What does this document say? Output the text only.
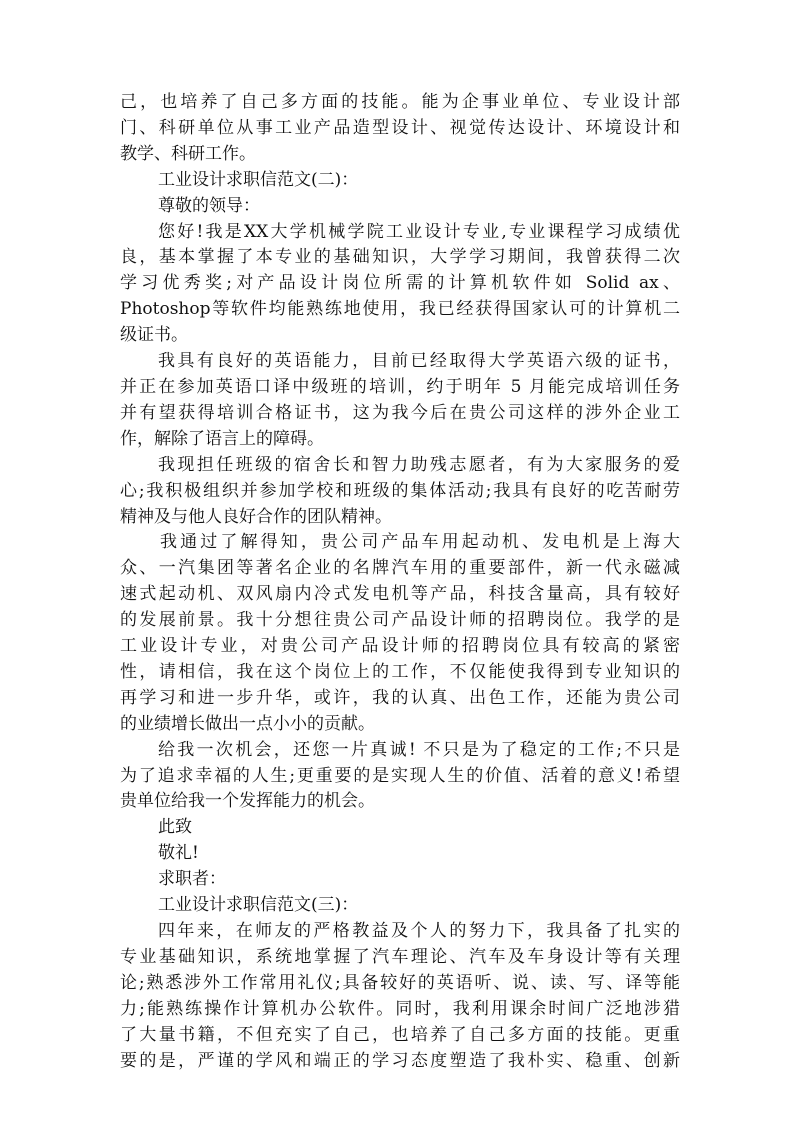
己，也培养了自己多方面的技能。能为企事业单位、专业设计部
门、科研单位从事工业产品造型设计、视觉传达设计、环境设计和
教学、科研工作。
工业设计求职信范文(二)：
尊敬的领导：
您好!我是XX大学机械学院工业设计专业,专业课程学习成绩优
良，基本掌握了本专业的基础知识，大学学习期间，我曾获得二次
学习优秀奖;对产品设计岗位所需的计算机软件如 Solid ax、
Photoshop等软件均能熟练地使用，我已经获得国家认可的计算机二
级证书。
我具有良好的英语能力，目前已经取得大学英语六级的证书，
并正在参加英语口译中级班的培训，约于明年 5 月能完成培训任务
并有望获得培训合格证书，这为我今后在贵公司这样的涉外企业工
作，解除了语言上的障碍。
我现担任班级的宿舍长和智力助残志愿者，有为大家服务的爱
心;我积极组织并参加学校和班级的集体活动;我具有良好的吃苦耐劳
精神及与他人良好合作的团队精神。
我通过了解得知，贵公司产品车用起动机、发电机是上海大
众、一汽集团等著名企业的名牌汽车用的重要部件，新一代永磁减
速式起动机、双风扇内冷式发电机等产品，科技含量高，具有较好
的发展前景。我十分想往贵公司产品设计师的招聘岗位。我学的是
工业设计专业，对贵公司产品设计师的招聘岗位具有较高的紧密
性，请相信，我在这个岗位上的工作，不仅能使我得到专业知识的
再学习和进一步升华，或许，我的认真、出色工作，还能为贵公司
的业绩增长做出一点小小的贡献。
给我一次机会，还您一片真诚! 不只是为了稳定的工作;不只是
为了追求幸福的人生;更重要的是实现人生的价值、活着的意义!希望
贵单位给我一个发挥能力的机会。
此致
敬礼!
求职者：
工业设计求职信范文(三)：
四年来，在师友的严格教益及个人的努力下，我具备了扎实的
专业基础知识，系统地掌握了汽车理论、汽车及车身设计等有关理
论;熟悉涉外工作常用礼仪;具备较好的英语听、说、读、写、译等能
力;能熟练操作计算机办公软件。同时，我利用课余时间广泛地涉猎
了大量书籍，不但充实了自己，也培养了自己多方面的技能。更重
要的是，严谨的学风和端正的学习态度塑造了我朴实、稳重、创新
